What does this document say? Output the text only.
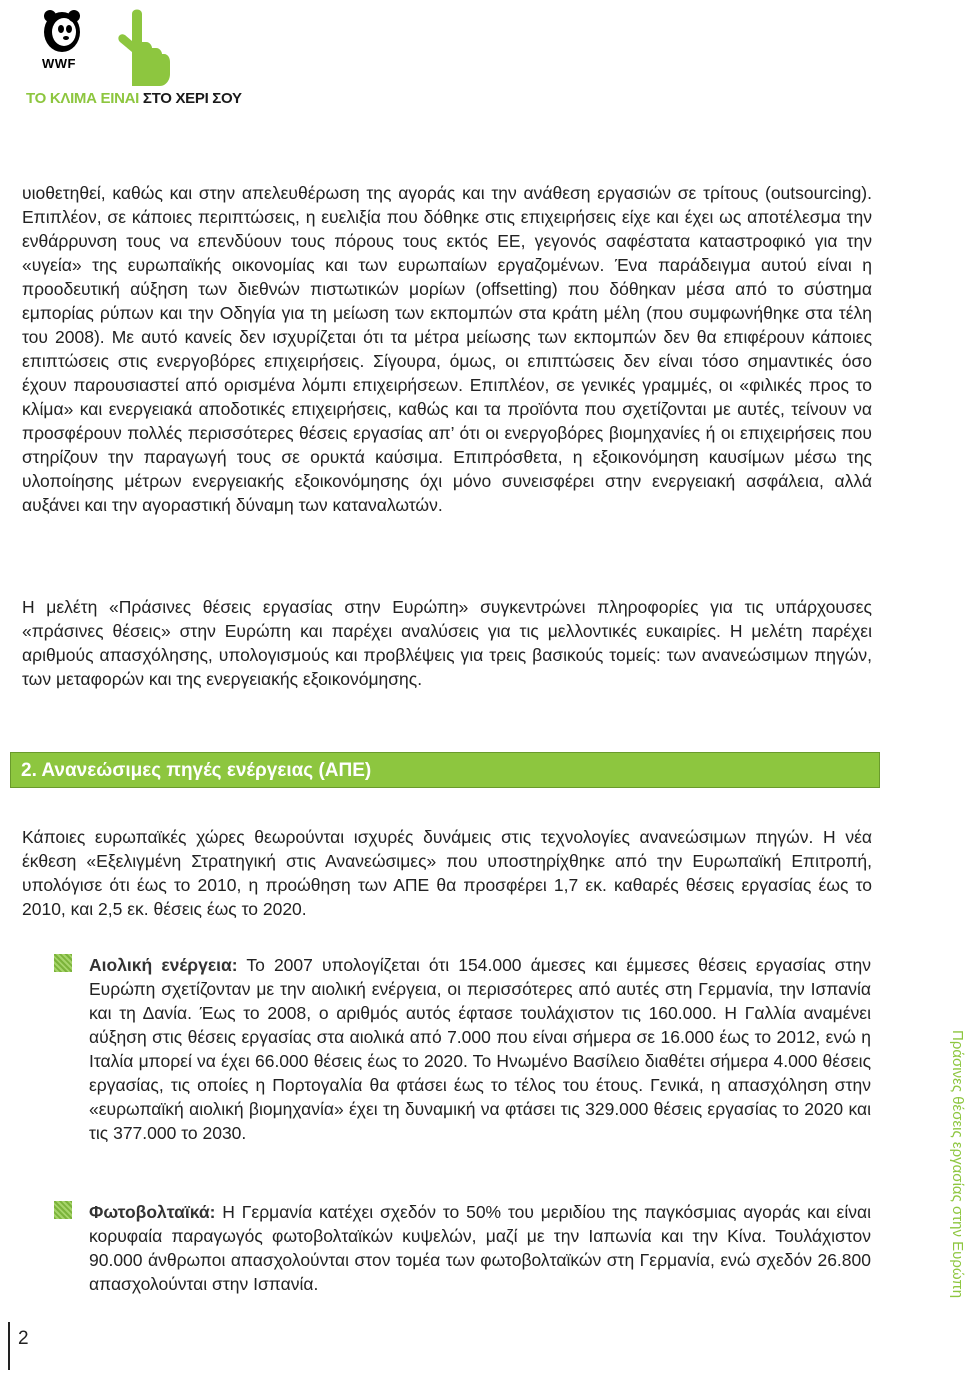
WWF
ΤΟ ΚΛΙΜΑ ΕΙΝΑΙ ΣΤΟ ΧΕΡΙ ΣΟΥ

υιοθετηθεί, καθώς και στην απελευθέρωση της αγοράς και την ανάθεση εργασιών σε τρίτους (outsourcing). Επιπλέον, σε κάποιες περιπτώσεις, η ευελιξία που δόθηκε στις επιχειρήσεις είχε και έχει ως αποτέλεσμα την ενθάρρυνση τους να επενδύουν τους πόρους τους εκτός ΕΕ, γεγονός σαφέστατα καταστροφικό για την «υγεία» της ευρωπαϊκής οικονομίας και των ευρωπαίων εργαζομένων. Ένα παράδειγμα αυτού είναι η προοδευτική αύξηση των διεθνών πιστωτικών μορίων (offsetting) που δόθηκαν μέσα από το σύστημα εμπορίας ρύπων και την Οδηγία για τη μείωση των εκπομπών στα κράτη μέλη (που συμφωνήθηκε στα τέλη του 2008). Με αυτό κανείς δεν ισχυρίζεται ότι τα μέτρα μείωσης των εκπομπών δεν θα επιφέρουν κάποιες επιπτώσεις στις ενεργοβόρες επιχειρήσεις. Σίγουρα, όμως, οι επιπτώσεις δεν είναι τόσο σημαντικές όσο έχουν παρουσιαστεί από ορισμένα λόμπι επιχειρήσεων. Επιπλέον, σε γενικές γραμμές, οι «φιλικές προς το κλίμα» και ενεργειακά αποδοτικές επιχειρήσεις, καθώς και τα προϊόντα που σχετίζονται με αυτές, τείνουν να προσφέρουν πολλές περισσότερες θέσεις εργασίας απ’ ότι οι ενεργοβόρες βιομηχανίες ή οι επιχειρήσεις που στηρίζουν την παραγωγή τους σε ορυκτά καύσιμα. Επιπρόσθετα, η εξοικονόμηση καυσίμων μέσω της υλοποίησης μέτρων ενεργειακής εξοικονόμησης όχι μόνο συνεισφέρει στην ενεργειακή ασφάλεια, αλλά αυξάνει και την αγοραστική δύναμη των καταναλωτών.

Η μελέτη «Πράσινες θέσεις εργασίας στην Ευρώπη» συγκεντρώνει πληροφορίες για τις υπάρχουσες «πράσινες θέσεις» στην Ευρώπη και παρέχει αναλύσεις για τις μελλοντικές ευκαιρίες. Η μελέτη παρέχει αριθμούς απασχόλησης, υπολογισμούς και προβλέψεις για τρεις βασικούς τομείς: των ανανεώσιμων πηγών, των μεταφορών και της ενεργειακής εξοικονόμησης.

2. Ανανεώσιμες πηγές ενέργειας (ΑΠΕ)

Κάποιες ευρωπαϊκές χώρες θεωρούνται ισχυρές δυνάμεις στις τεχνολογίες ανανεώσιμων πηγών. Η νέα έκθεση «Εξελιγμένη Στρατηγική στις Ανανεώσιμες» που υποστηρίχθηκε από την Ευρωπαϊκή Επιτροπή, υπολόγισε ότι έως το 2010, η προώθηση των ΑΠΕ θα προσφέρει 1,7 εκ. καθαρές θέσεις εργασίας έως το 2010, και 2,5 εκ. θέσεις έως το 2020.

Αιολική ενέργεια: Το 2007 υπολογίζεται ότι 154.000 άμεσες και έμμεσες θέσεις εργασίας στην Ευρώπη σχετίζονταν με την αιολική ενέργεια, οι περισσότερες από αυτές στη Γερμανία, την Ισπανία και τη Δανία. Έως το 2008, ο αριθμός αυτός έφτασε τουλάχιστον τις 160.000. Η Γαλλία αναμένει αύξηση στις θέσεις εργασίας στα αιολικά από 7.000 που είναι σήμερα σε 16.000 έως το 2012, ενώ η Ιταλία μπορεί να έχει 66.000 θέσεις έως το 2020. Το Ηνωμένο Βασίλειο διαθέτει σήμερα 4.000 θέσεις εργασίας, τις οποίες η Πορτογαλία θα φτάσει έως το τέλος του έτους. Γενικά, η απασχόληση στην «ευρωπαϊκή αιολική βιομηχανία» έχει τη δυναμική να φτάσει τις 329.000 θέσεις εργασίας το 2020 και τις 377.000 το 2030.

Φωτοβολταϊκά: Η Γερμανία κατέχει σχεδόν το 50% του μεριδίου της παγκόσμιας αγοράς και είναι κορυφαία παραγωγός φωτοβολταϊκών κυψελών, μαζί με την Ιαπωνία και την Κίνα. Τουλάχιστον 90.000 άνθρωποι απασχολούνται στον τομέα των φωτοβολταϊκών στη Γερμανία, ενώ σχεδόν 26.800 απασχολούνται στην Ισπανία.	Πράσινες θέσεις εργασίας στην Ευρώπη
2
